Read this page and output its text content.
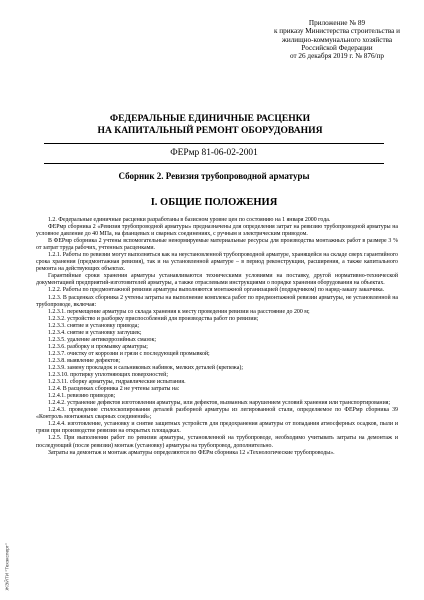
Приложение № 89
к приказу Министерства строительства и
жилищно-коммунального хозяйства
Российской Федерации
от 26 декабря 2019 г. № 876/пр
ФЕДЕРАЛЬНЫЕ ЕДИНИЧНЫЕ РАСЦЕНКИ
НА КАПИТАЛЬНЫЙ РЕМОНТ ОБОРУДОВАНИЯ
ФЕРмр 81-06-02-2001
Сборник 2. Ревизия трубопроводной арматуры
I. ОБЩИЕ ПОЛОЖЕНИЯ

1.2. Федеральные единичные расценки разработаны в базисном уровне цен по состоянию на 1 января 2000 года.

ФЕРмр сборника 2 «Ревизия трубопроводной арматуры» предназначены для определения затрат на ревизию трубопроводной арматуры на условное давление до 40 МПа, на фланцевых и сварных соединениях, с ручным и электрическим приводом.

В ФЕРмр сборника 2 учтены вспомогательные ненормируемые материальные ресурсы для производства монтажных работ в размере 3 % от затрат труда рабочих, учтенных расценками.

1.2.1. Работы по ревизии могут выполняться как на неустановленной трубопроводной арматуре, хранящейся на складе сверх гарантийного срока хранения (предмонтажная ревизия), так и на установленной арматуре – в период реконструкции, расширения, а также капитального ремонта на действующих объектах.

Гарантийные сроки хранения арматуры устанавливаются техническими условиями на поставку, другой нормативно-технической документацией предприятий-изготовителей арматуры, а также отраслевыми инструкциями о порядке хранения оборудования на объектах.

1.2.2. Работы по предмонтажной ревизии арматуры выполняются монтажной организацией (подрядчиком) по наряд-заказу заказчика.

1.2.3. В расценках сборника 2 учтены затраты на выполнение комплекса работ по предмонтажной ревизии арматуры, не установленной на трубопроводе, включая:

1.2.3.1. перемещение арматуры со склада хранения к месту проведения ревизии на расстояние до 200 м;

1.2.3.2. устройство и разборку приспособлений для производства работ по ревизии;

1.2.3.3. снятие и установку привода;

1.2.3.4. снятие и установку заглушек;

1.2.3.5. удаление антикоррозийных смазок;

1.2.3.6. разборку и промывку арматуры;

1.2.3.7. очистку от коррозии и грязи с последующей промывкой;

1.2.3.8. выявление дефектов;

1.2.3.9. замену прокладок и сальниковых набивок, мелких деталей (крепежа);

1.2.3.10. протирку уплотняющих поверхностей;

1.2.3.11. сборку арматуры, гидравлические испытания.

1.2.4. В расценках сборника 2 не учтены затраты на:

1.2.4.1. ревизию приводов;

1.2.4.2. устранение дефектов изготовления арматуры, или дефектов, вызванных нарушением условий хранения или транспортирования;

1.2.4.3. проведение стилоскопирования деталей разборной арматуры из легированной стали, определяемое по ФЕРмр сборника 39 «Контроль монтажных сварных соединений»;

1.2.4.4. изготовление, установку и снятие защитных устройств для предохранения арматуры от попадания атмосферных осадков, пыли и грязи при производстве ревизии на открытых площадках.

1.2.5. При выполнении работ по ревизии арматуры, установленной на трубопроводе, необходимо учитывать затраты на демонтаж и последующий (после ревизии) монтаж (установку) арматуры на трубопровод, дополнительно.

Затраты на демонтаж и монтаж арматуры определяются по ФЕРм сборника 12 «Технологические трубопроводы».

ЖЭЙТИ "Техэксперт"
